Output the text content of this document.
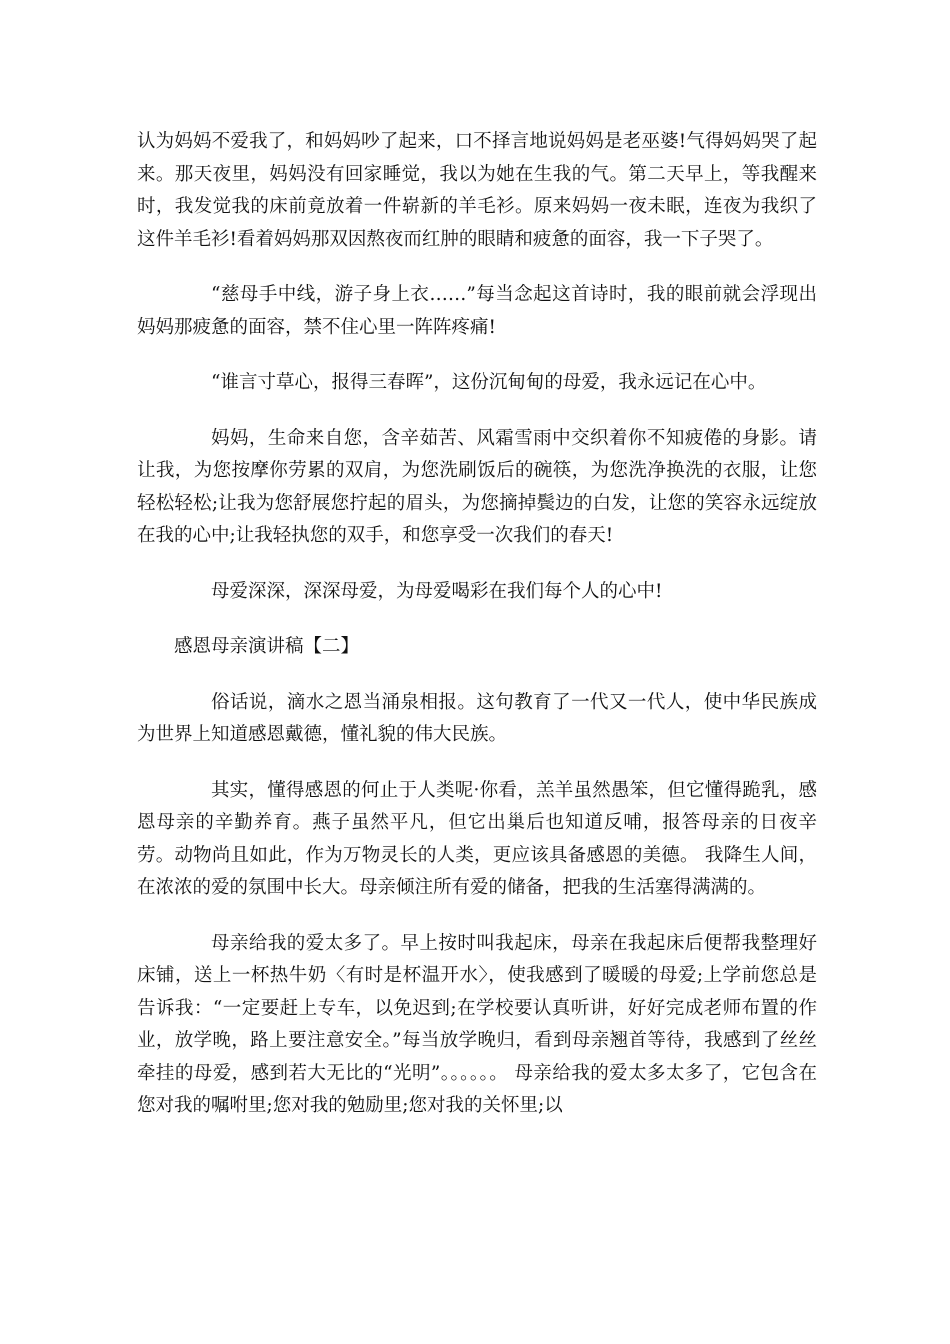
认为妈妈不爱我了，和妈妈吵了起来，口不择言地说妈妈是老巫婆!气得妈妈哭了起来。那天夜里，妈妈没有回家睡觉，我以为她在生我的气。第二天早上，等我醒来时，我发觉我的床前竟放着一件崭新的羊毛衫。原来妈妈一夜未眠，连夜为我织了这件羊毛衫!看着妈妈那双因熬夜而红肿的眼睛和疲惫的面容，我一下子哭了。

“慈母手中线，游子身上衣……”每当念起这首诗时，我的眼前就会浮现出妈妈那疲惫的面容，禁不住心里一阵阵疼痛!

“谁言寸草心，报得三春晖”，这份沉甸甸的母爱，我永远记在心中。

妈妈，生命来自您，含辛茹苦、风霜雪雨中交织着你不知疲倦的身影。请让我，为您按摩你劳累的双肩，为您洗刷饭后的碗筷，为您洗净换洗的衣服，让您轻松轻松;让我为您舒展您拧起的眉头，为您摘掉鬓边的白发，让您的笑容永远绽放在我的心中;让我轻执您的双手，和您享受一次我们的春天!

母爱深深，深深母爱，为母爱喝彩在我们每个人的心中!

感恩母亲演讲稿【二】

俗话说，滴水之恩当涌泉相报。这句教育了一代又一代人，使中华民族成为世界上知道感恩戴德，懂礼貌的伟大民族。

其实，懂得感恩的何止于人类呢·你看，羔羊虽然愚笨，但它懂得跪乳，感恩母亲的辛勤养育。燕子虽然平凡，但它出巢后也知道反哺，报答母亲的日夜辛劳。动物尚且如此，作为万物灵长的人类，更应该具备感恩的美德。 我降生人间，在浓浓的爱的氛围中长大。母亲倾注所有爱的储备，把我的生活塞得满满的。

母亲给我的爱太多了。早上按时叫我起床，母亲在我起床后便帮我整理好床铺，送上一杯热牛奶〈有时是杯温开水〉，使我感到了暖暖的母爱;上学前您总是告诉我：“一定要赶上专车，以免迟到;在学校要认真听讲，好好完成老师布置的作业，放学晚，路上要注意安全。”每当放学晚归，看到母亲翘首等待，我感到了丝丝牵挂的母爱，感到若大无比的“光明”。。。。。。 母亲给我的爱太多太多了，它包含在您对我的嘱咐里;您对我的勉励里;您对我的关怀里;以
